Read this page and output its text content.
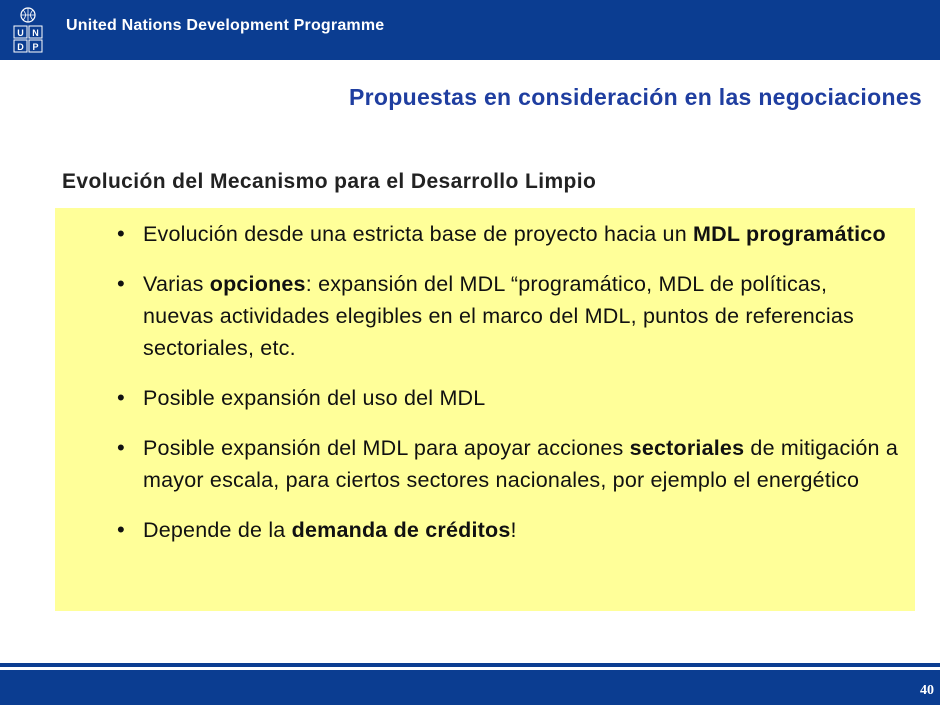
U N
D P
United Nations Development Programme
Propuestas en consideración en las negociaciones
Evolución del Mecanismo para el Desarrollo Limpio
• Evolución desde una estricta base de proyecto hacia un MDL programático
• Varias opciones: expansión del MDL “programático, MDL de políticas, nuevas actividades elegibles en el marco del MDL, puntos de referencias sectoriales, etc.
• Posible expansión del uso del MDL
• Posible expansión del MDL para apoyar acciones sectoriales de mitigación a mayor escala, para ciertos sectores nacionales, por ejemplo el energético
• Depende de la demanda de créditos!
40
